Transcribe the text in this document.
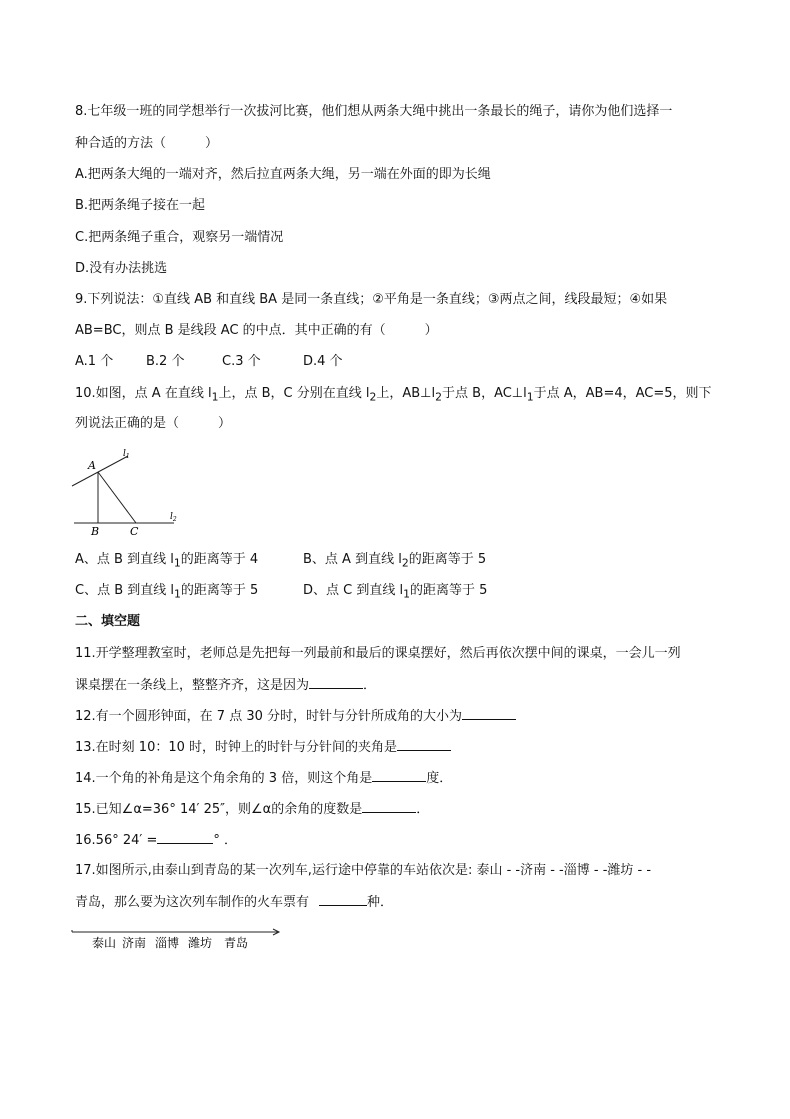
8.七年级一班的同学想举行一次拔河比赛，他们想从两条大绳中挑出一条最长的绳子，请你为他们选择一
种合适的方法（　　　）
A.把两条大绳的一端对齐，然后拉直两条大绳，另一端在外面的即为长绳
B.把两条绳子接在一起
C.把两条绳子重合，观察另一端情况
D.没有办法挑选
9.下列说法：①直线 AB 和直线 BA 是同一条直线；②平角是一条直线；③两点之间，线段最短；④如果
AB=BC，则点 B 是线段 AC 的中点．其中正确的有（　　　）
A.1 个	B.2 个	C.3 个	D.4 个
10.如图，点 A 在直线 $l_1$上，点 B，C 分别在直线 $l_2$上，$AB\perp l_2$于点 B，$AC\perp l_1$于点 A，AB=4，AC=5，则下
列说法正确的是（　　　）
A
B	C
$l_1$
$l_2$
A、点 B 到直线 $l_1$的距离等于 4	B、点 A 到直线 $l_2$的距离等于 5
C、点 B 到直线 $l_1$的距离等于 5	D、点 C 到直线 $l_1$的距离等于 5
二、填空题
11.开学整理教室时，老师总是先把每一列最前和最后的课桌摆好，然后再依次摆中间的课桌，一会儿一列
课桌摆在一条线上，整整齐齐，这是因为	．
12.有一个圆形钟面，在 7 点 30 分时，时针与分针所成角的大小为
13.在时刻 10：10 时，时钟上的时针与分针间的夹角是
14.一个角的补角是这个角余角的 3 倍，则这个角是	度．
15.已知∠α=36° 14′ 25″，则∠α的余角的度数是	．
16.56° 24′ =	° ．
17.如图所示,由泰山到青岛的某一次列车,运行途中停靠的车站依次是: 泰山 - -济南 - -淄博 - -潍坊 - -
青岛，那么要为这次列车制作的火车票有	种．
泰山 济南 淄博 潍坊 青岛
